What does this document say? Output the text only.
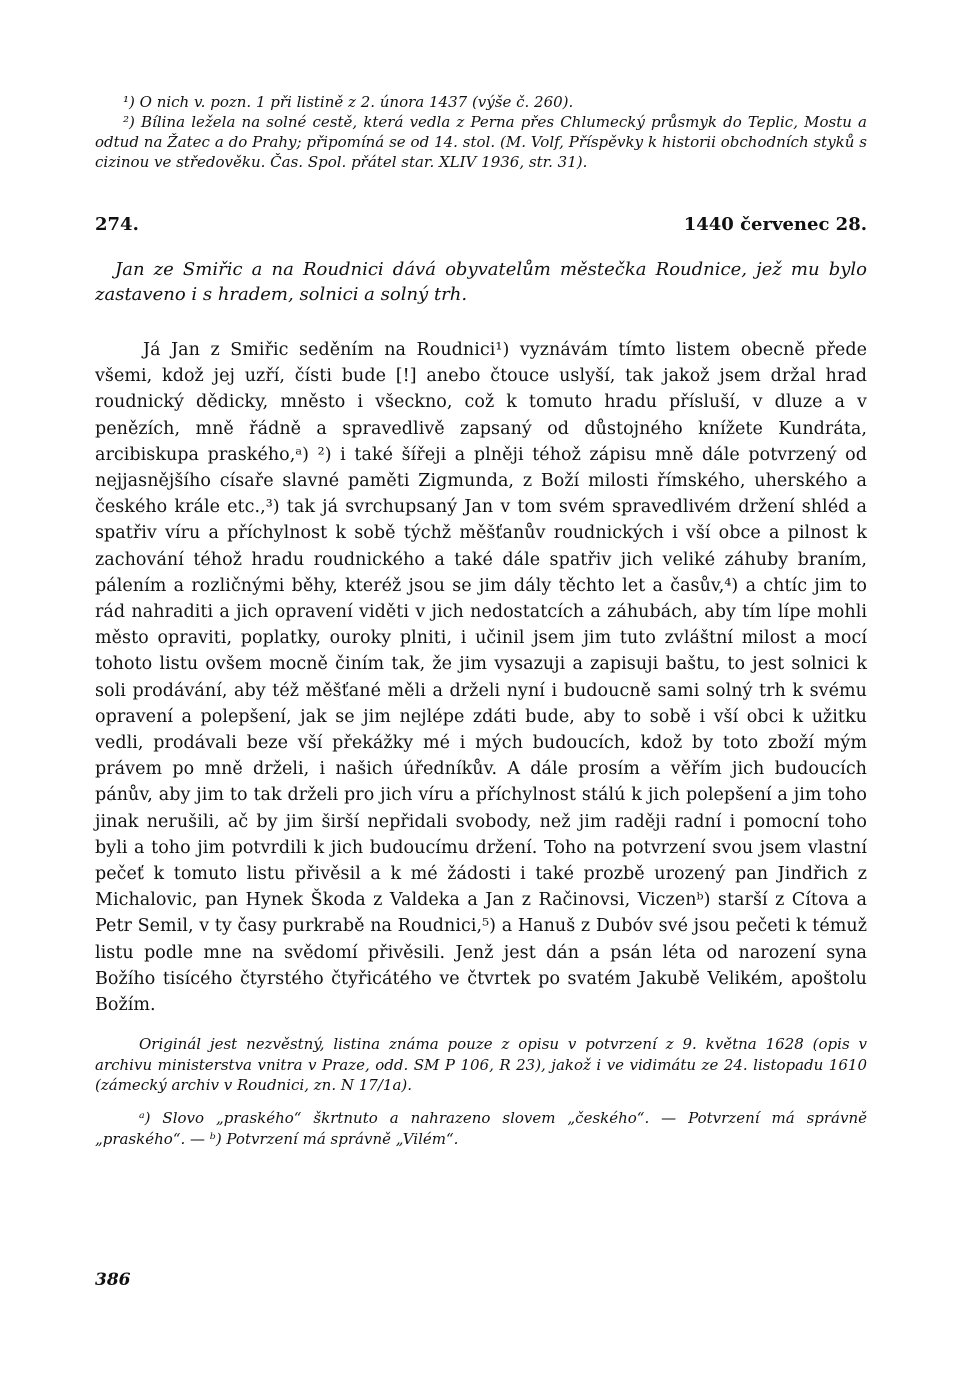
¹) O nich v. pozn. 1 při listině z 2. února 1437 (výše č. 260).

²) Bílina ležela na solné cestě, která vedla z Perna přes Chlumecký průsmyk do Teplic, Mostu a odtud na Žatec a do Prahy; připomíná se od 14. stol. (M. Volf, Příspěvky k historii obchodních styků s cizinou ve středověku. Čas. Spol. přátel star. XLIV 1936, str. 31).

274.	1440 červenec 28.

Jan ze Smiřic a na Roudnici dává obyvatelům městečka Roudnice, jež mu bylo zastaveno i s hradem, solnici a solný trh.

Já Jan z Smiřic seděním na Roudnici¹) vyznávám tímto listem obecně přede všemi, kdož jej uzří, čísti bude [!] anebo čtouce uslyší, tak jakož jsem držal hrad roudnický dědicky, mněsto i všeckno, což k tomuto hradu přísluší, v dluze a v penězích, mně řádně a spravedlivě zapsaný od důstojného knížete Kundráta, arcibiskupa praského,ᵃ) ²) i také šířeji a plněji téhož zápisu mně dále potvrzený od nejjasnějšího císaře slavné paměti Zigmunda, z Boží milosti římského, uherského a českého krále etc.,³) tak já svrchupsaný Jan v tom svém spravedlivém držení shléd a spatřiv víru a příchylnost k sobě týchž měšťanův roudnických i vší obce a pilnost k zachování téhož hradu roudnického a také dále spatřiv jich veliké záhuby braním, pálením a rozličnými běhy, kteréž jsou se jim dály těchto let a časův,⁴) a chtíc jim to rád nahraditi a jich opravení viděti v jich nedostatcích a záhubách, aby tím lípe mohli město opraviti, poplatky, ouroky plniti, i učinil jsem jim tuto zvláštní milost a mocí tohoto listu ovšem mocně činím tak, že jim vysazuji a zapisuji baštu, to jest solnici k soli prodávání, aby též měšťané měli a drželi nyní i budoucně sami solný trh k svému opravení a polepšení, jak se jim nejlépe zdáti bude, aby to sobě i vší obci k užitku vedli, prodávali beze vší překážky mé i mých budoucích, kdož by toto zboží mým právem po mně drželi, i našich úředníkův. A dále prosím a věřím jich budoucích pánův, aby jim to tak drželi pro jich víru a příchylnost stálú k jich polepšení a jim toho jinak nerušili, ač by jim širší nepřidali svobody, než jim raději radní i pomocní toho byli a toho jim potvrdili k jich budoucímu držení. Toho na potvrzení svou jsem vlastní pečeť k tomuto listu přivěsil a k mé žádosti i také prozbě urozený pan Jindřich z Michalovic, pan Hynek Škoda z Valdeka a Jan z Račinovsi, Viczenᵇ) starší z Cítova a Petr Semil, v ty časy purkrabě na Roudnici,⁵) a Hanuš z Dubóv své jsou pečeti k témuž listu podle mne na svědomí přivěsili. Jenž jest dán a psán léta od narození syna Božího tisícého čtyrstého čtyřicátého ve čtvrtek po svatém Jakubě Velikém, apoštolu Božím.

Originál jest nezvěstný, listina známa pouze z opisu v potvrzení z 9. května 1628 (opis v archivu ministerstva vnitra v Praze, odd. SM P 106, R 23), jakož i ve vidimátu ze 24. listopadu 1610 (zámecký archiv v Roudnici, zn. N 17/1a).

ᵃ) Slovo „praského“ škrtnuto a nahrazeno slovem „českého“. — Potvrzení má správně „praského“. — ᵇ) Potvrzení má správně „Vilém“.

386
